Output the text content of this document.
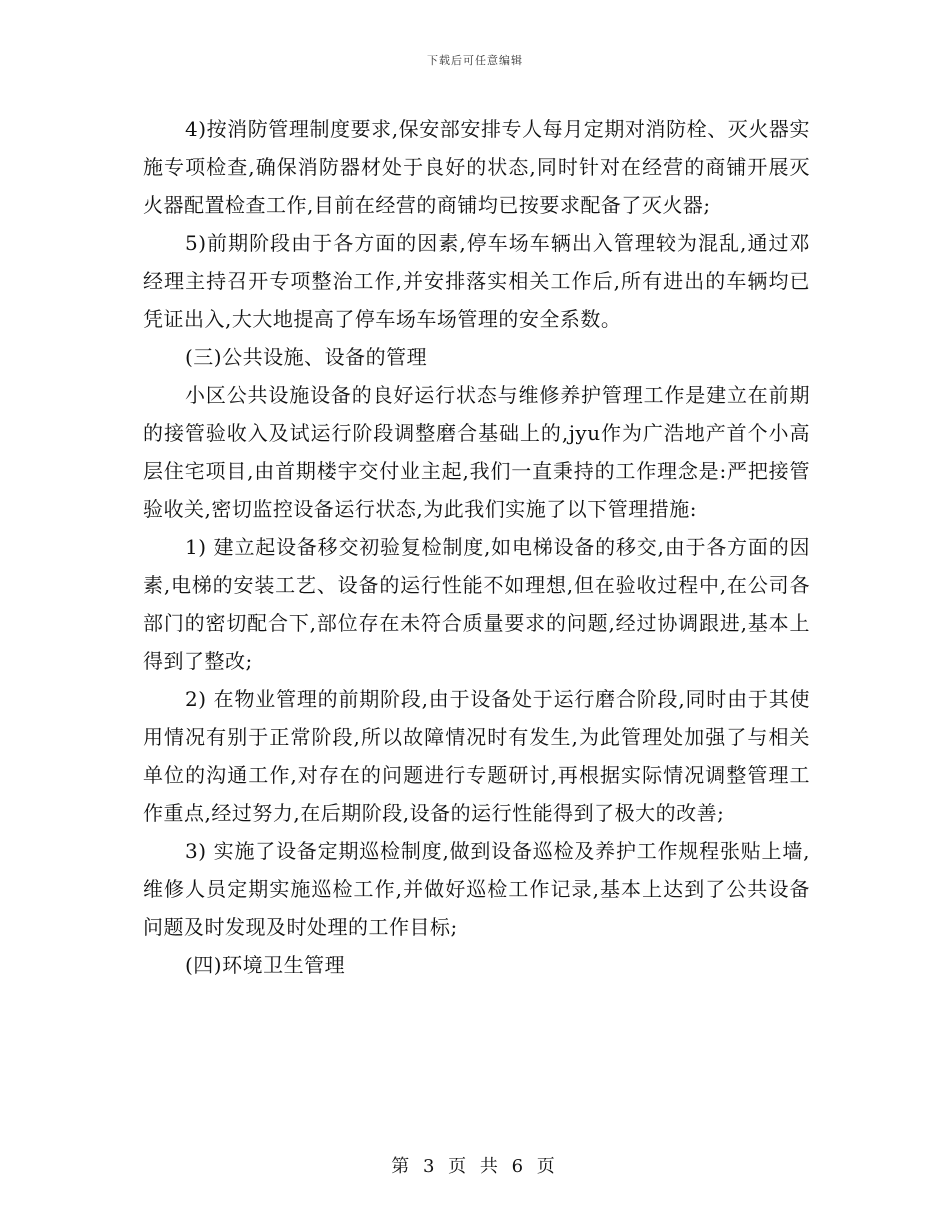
下载后可任意编辑

4)按消防管理制度要求,保安部安排专人每月定期对消防栓、灭火器实施专项检查,确保消防器材处于良好的状态,同时针对在经营的商铺开展灭火器配置检查工作,目前在经营的商铺均已按要求配备了灭火器;

5)前期阶段由于各方面的因素,停车场车辆出入管理较为混乱,通过邓经理主持召开专项整治工作,并安排落实相关工作后,所有进出的车辆均已凭证出入,大大地提高了停车场车场管理的安全系数。

(三)公共设施、设备的管理

小区公共设施设备的良好运行状态与维修养护管理工作是建立在前期的接管验收入及试运行阶段调整磨合基础上的,jyu作为广浩地产首个小高层住宅项目,由首期楼宇交付业主起,我们一直秉持的工作理念是:严把接管验收关,密切监控设备运行状态,为此我们实施了以下管理措施:

1) 建立起设备移交初验复检制度,如电梯设备的移交,由于各方面的因素,电梯的安装工艺、设备的运行性能不如理想,但在验收过程中,在公司各部门的密切配合下,部位存在未符合质量要求的问题,经过协调跟进,基本上得到了整改;

2) 在物业管理的前期阶段,由于设备处于运行磨合阶段,同时由于其使用情况有别于正常阶段,所以故障情况时有发生,为此管理处加强了与相关单位的沟通工作,对存在的问题进行专题研讨,再根据实际情况调整管理工作重点,经过努力,在后期阶段,设备的运行性能得到了极大的改善;

3) 实施了设备定期巡检制度,做到设备巡检及养护工作规程张贴上墙,维修人员定期实施巡检工作,并做好巡检工作记录,基本上达到了公共设备问题及时发现及时处理的工作目标;

(四)环境卫生管理

第 3 页 共 6 页
